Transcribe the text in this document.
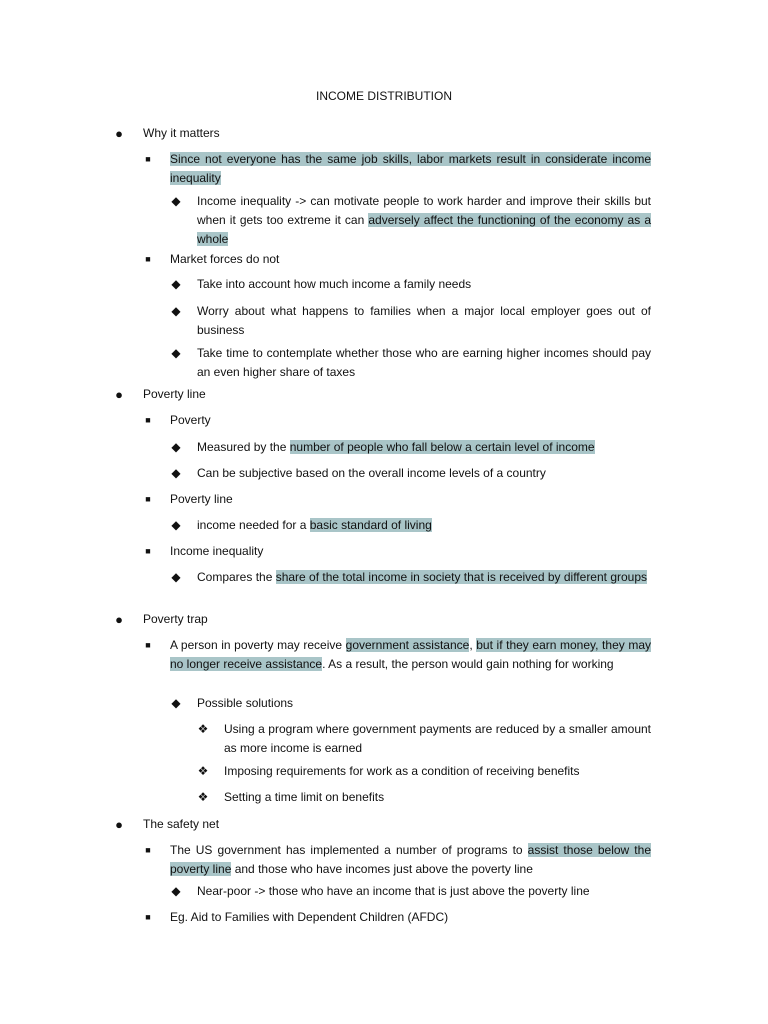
INCOME DISTRIBUTION
● Why it matters
■	Since not everyone has the same job skills, labor markets result in considerate income inequality
◆ Income inequality -> can motivate people to work harder and improve their skills but when it gets too extreme it can adversely affect the functioning of the economy as a whole
■	Market forces do not
◆ Take into account how much income a family needs
◆ Worry about what happens to families when a major local employer goes out of business
◆ Take time to contemplate whether those who are earning higher incomes should pay an even higher share of taxes
● Poverty line
■	Poverty
◆ Measured by the number of people who fall below a certain level of income
◆ Can be subjective based on the overall income levels of a country
■	Poverty line
◆ income needed for a basic standard of living
■	Income inequality
◆ Compares the share of the total income in society that is received by different groups
● Poverty trap
■	A person in poverty may receive government assistance, but if they earn money, they may no longer receive assistance. As a result, the person would gain nothing for working
◆ Possible solutions
❖ Using a program where government payments are reduced by a smaller amount as more income is earned
❖ Imposing requirements for work as a condition of receiving benefits
❖ Setting a time limit on benefits
● The safety net
■	The US government has implemented a number of programs to assist those below the poverty line and those who have incomes just above the poverty line
◆ Near-poor -> those who have an income that is just above the poverty line
■	Eg. Aid to Families with Dependent Children (AFDC)
